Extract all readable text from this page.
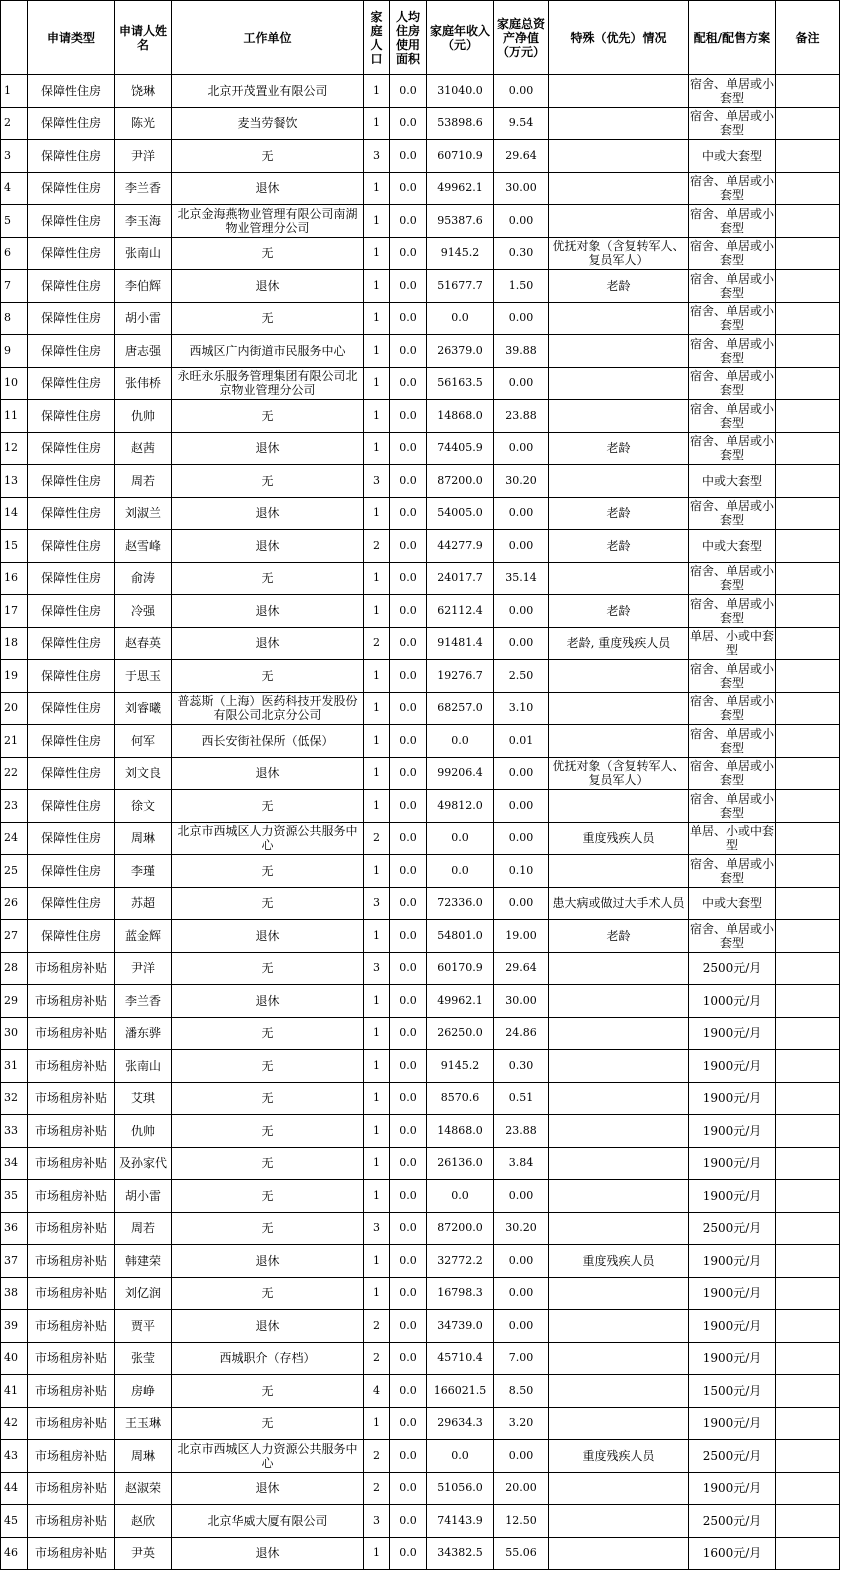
	申请类型	申请人姓名	工作单位	家庭人口	人均住房使用面积	家庭年收入（元）	家庭总资产净值（万元）	特殊（优先）情况	配租/配售方案	备注
1	保障性住房	饶琳	北京开茂置业有限公司	1	0.0	31040.0	0.00		宿舍、单居或小套型	
2	保障性住房	陈光	麦当劳餐饮	1	0.0	53898.6	9.54		宿舍、单居或小套型	
3	保障性住房	尹洋	无	3	0.0	60710.9	29.64		中或大套型	
4	保障性住房	李兰香	退休	1	0.0	49962.1	30.00		宿舍、单居或小套型	
5	保障性住房	李玉海	北京金海燕物业管理有限公司南湖物业管理分公司	1	0.0	95387.6	0.00		宿舍、单居或小套型	
6	保障性住房	张南山	无	1	0.0	9145.2	0.30	优抚对象（含复转军人、复员军人）	宿舍、单居或小套型	
7	保障性住房	李伯辉	退休	1	0.0	51677.7	1.50	老龄	宿舍、单居或小套型	
8	保障性住房	胡小雷	无	1	0.0	0.0	0.00		宿舍、单居或小套型	
9	保障性住房	唐志强	西城区广内街道市民服务中心	1	0.0	26379.0	39.88		宿舍、单居或小套型	
10	保障性住房	张伟桥	永旺永乐服务管理集团有限公司北京物业管理分公司	1	0.0	56163.5	0.00		宿舍、单居或小套型	
11	保障性住房	仇帅	无	1	0.0	14868.0	23.88		宿舍、单居或小套型	
12	保障性住房	赵茜	退休	1	0.0	74405.9	0.00	老龄	宿舍、单居或小套型	
13	保障性住房	周若	无	3	0.0	87200.0	30.20		中或大套型	
14	保障性住房	刘淑兰	退休	1	0.0	54005.0	0.00	老龄	宿舍、单居或小套型	
15	保障性住房	赵雪峰	退休	2	0.0	44277.9	0.00	老龄	中或大套型	
16	保障性住房	俞涛	无	1	0.0	24017.7	35.14		宿舍、单居或小套型	
17	保障性住房	冷强	退休	1	0.0	62112.4	0.00	老龄	宿舍、单居或小套型	
18	保障性住房	赵春英	退休	2	0.0	91481.4	0.00	老龄, 重度残疾人员	单居、小或中套型	
19	保障性住房	于思玉	无	1	0.0	19276.7	2.50		宿舍、单居或小套型	
20	保障性住房	刘睿曦	普蕊斯（上海）医药科技开发股份有限公司北京分公司	1	0.0	68257.0	3.10		宿舍、单居或小套型	
21	保障性住房	何军	西长安街社保所（低保）	1	0.0	0.0	0.01		宿舍、单居或小套型	
22	保障性住房	刘文良	退休	1	0.0	99206.4	0.00	优抚对象（含复转军人、复员军人）	宿舍、单居或小套型	
23	保障性住房	徐文	无	1	0.0	49812.0	0.00		宿舍、单居或小套型	
24	保障性住房	周琳	北京市西城区人力资源公共服务中心	2	0.0	0.0	0.00	重度残疾人员	单居、小或中套型	
25	保障性住房	李瑾	无	1	0.0	0.0	0.10		宿舍、单居或小套型	
26	保障性住房	苏超	无	3	0.0	72336.0	0.00	患大病或做过大手术人员	中或大套型	
27	保障性住房	蓝金辉	退休	1	0.0	54801.0	19.00	老龄	宿舍、单居或小套型	
28	市场租房补贴	尹洋	无	3	0.0	60170.9	29.64		2500元/月	
29	市场租房补贴	李兰香	退休	1	0.0	49962.1	30.00		1000元/月	
30	市场租房补贴	潘东骅	无	1	0.0	26250.0	24.86		1900元/月	
31	市场租房补贴	张南山	无	1	0.0	9145.2	0.30		1900元/月	
32	市场租房补贴	艾琪	无	1	0.0	8570.6	0.51		1900元/月	
33	市场租房补贴	仇帅	无	1	0.0	14868.0	23.88		1900元/月	
34	市场租房补贴	及孙家代	无	1	0.0	26136.0	3.84		1900元/月	
35	市场租房补贴	胡小雷	无	1	0.0	0.0	0.00		1900元/月	
36	市场租房补贴	周若	无	3	0.0	87200.0	30.20		2500元/月	
37	市场租房补贴	韩建荣	退休	1	0.0	32772.2	0.00	重度残疾人员	1900元/月	
38	市场租房补贴	刘亿润	无	1	0.0	16798.3	0.00		1900元/月	
39	市场租房补贴	贾平	退休	2	0.0	34739.0	0.00		1900元/月	
40	市场租房补贴	张莹	西城职介（存档）	2	0.0	45710.4	7.00		1900元/月	
41	市场租房补贴	房峥	无	4	0.0	166021.5	8.50		1500元/月	
42	市场租房补贴	王玉琳	无	1	0.0	29634.3	3.20		1900元/月	
43	市场租房补贴	周琳	北京市西城区人力资源公共服务中心	2	0.0	0.0	0.00	重度残疾人员	2500元/月	
44	市场租房补贴	赵淑荣	退休	2	0.0	51056.0	20.00		1900元/月	
45	市场租房补贴	赵欣	北京华威大厦有限公司	3	0.0	74143.9	12.50		2500元/月	
46	市场租房补贴	尹英	退休	1	0.0	34382.5	55.06		1600元/月	
